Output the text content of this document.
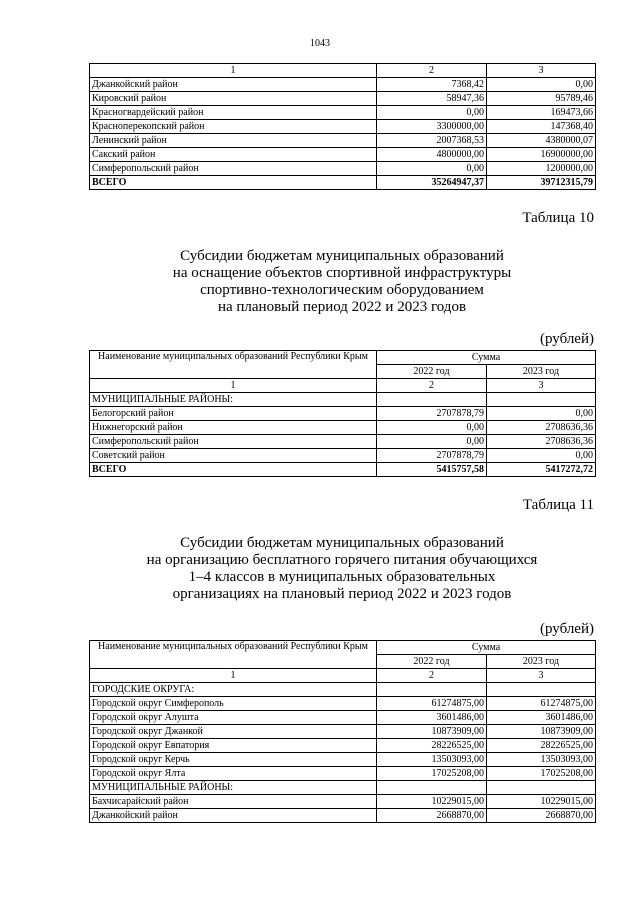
1043
1	2	3
Джанкойский район	7368,42	0,00
Кировский район	58947,36	95789,46
Красногвардейский район	0,00	169473,66
Красноперекопский район	3300000,00	147368,40
Ленинский район	2007368,53	4380000,07
Сакский район	4800000,00	16900000,00
Симферопольский район	0,00	1200000,00
ВСЕГО	35264947,37	39712315,79
Таблица 10
Субсидии бюджетам муниципальных образований
на оснащение объектов спортивной инфраструктуры
спортивно-технологическим оборудованием
на плановый период 2022 и 2023 годов
(рублей)
Наименование муниципальных образований Республики Крым	Сумма	
	2022 год	2023 год
1	2	3
МУНИЦИПАЛЬНЫЕ РАЙОНЫ:		
Белогорский район	2707878,79	0,00
Нижнегорский район	0,00	2708636,36
Симферопольский район	0,00	2708636,36
Советский район	2707878,79	0,00
ВСЕГО	5415757,58	5417272,72
Таблица 11
Субсидии бюджетам муниципальных образований
на организацию бесплатного горячего питания обучающихся
1–4 классов в муниципальных образовательных
организациях на плановый период 2022 и 2023 годов
(рублей)
Наименование муниципальных образований Республики Крым	Сумма	
	2022 год	2023 год
1	2	3
ГОРОДСКИЕ ОКРУГА:		
Городской округ Симферополь	61274875,00	61274875,00
Городской округ Алушта	3601486,00	3601486,00
Городской округ Джанкой	10873909,00	10873909,00
Городской округ Евпатория	28226525,00	28226525,00
Городской округ Керчь	13503093,00	13503093,00
Городской округ Ялта	17025208,00	17025208,00
МУНИЦИПАЛЬНЫЕ РАЙОНЫ:		
Бахчисарайский район	10229015,00	10229015,00
Джанкойский район	2668870,00	2668870,00
